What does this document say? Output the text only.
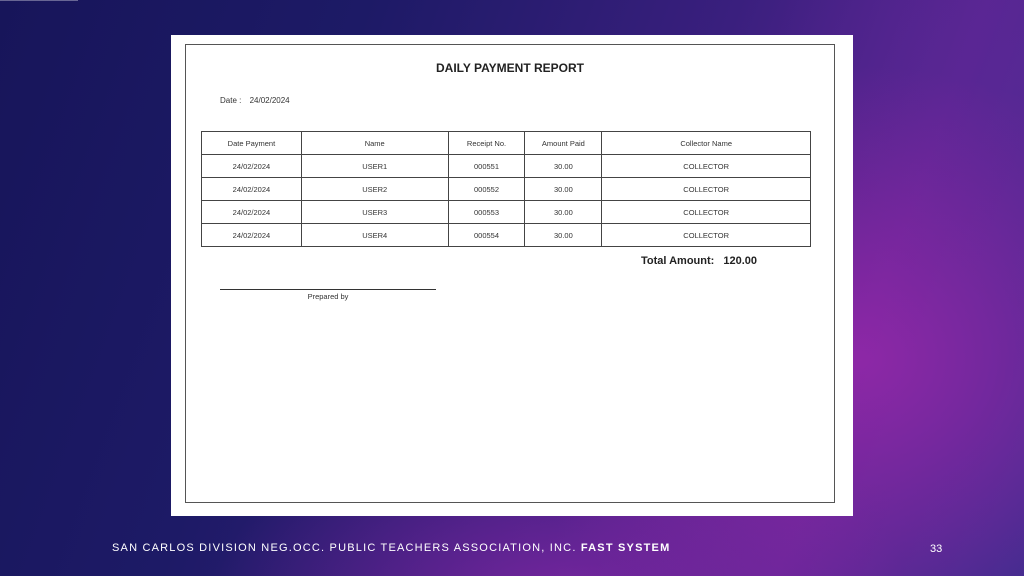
DAILY PAYMENT REPORT
Date : 24/02/2024
Date Payment	Name	Receipt No.	Amount Paid	Collector Name
24/02/2024	USER1	000551	30.00	COLLECTOR
24/02/2024	USER2	000552	30.00	COLLECTOR
24/02/2024	USER3	000553	30.00	COLLECTOR
24/02/2024	USER4	000554	30.00	COLLECTOR
Total Amount: 120.00
Prepared by
SAN CARLOS DIVISION NEG.OCC. PUBLIC TEACHERS ASSOCIATION, INC. FAST SYSTEM	33
